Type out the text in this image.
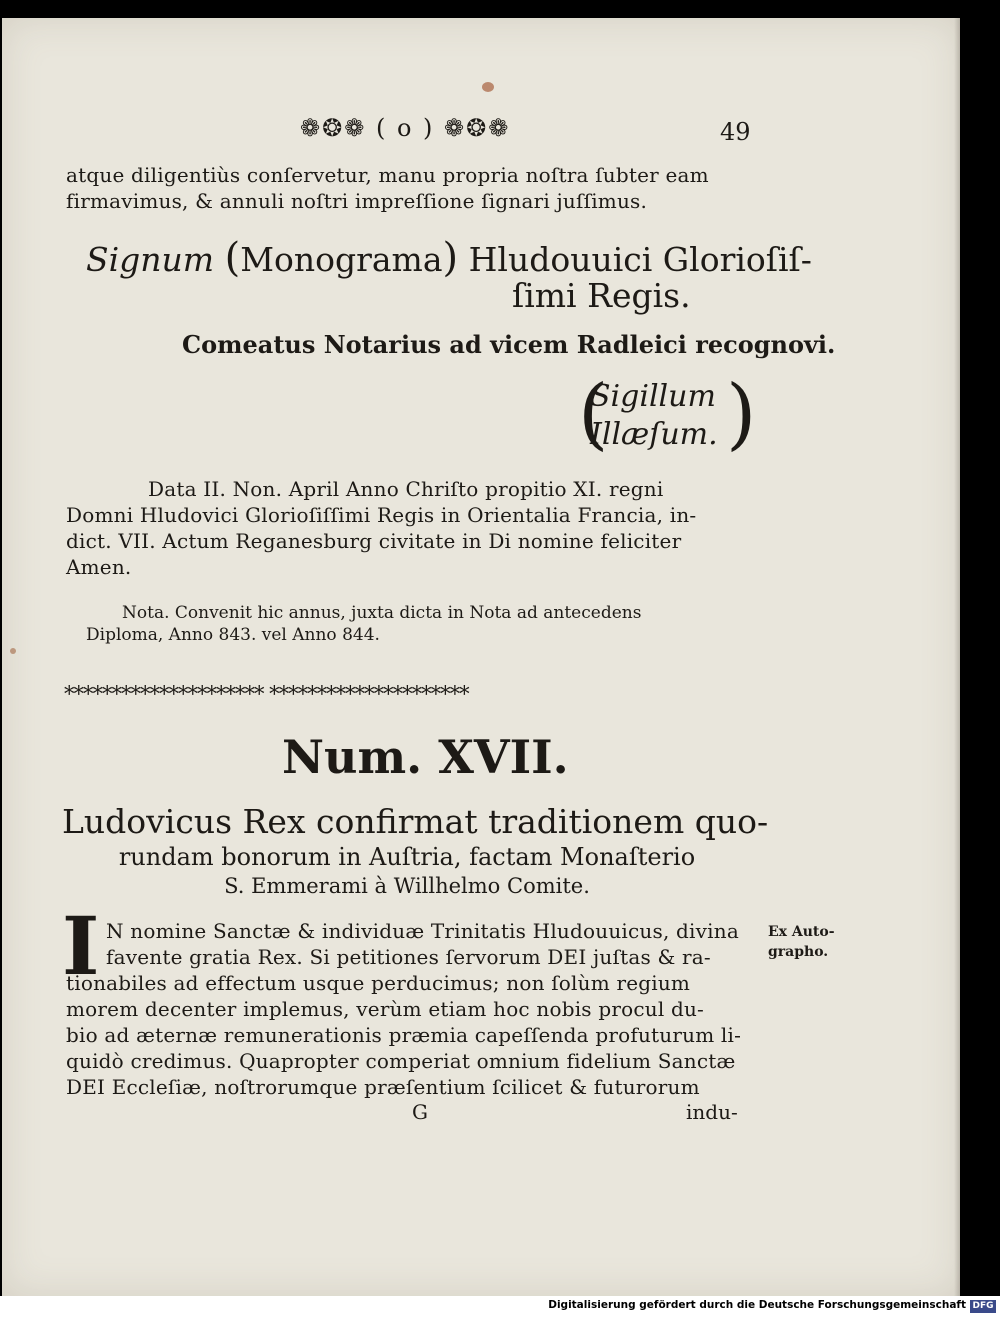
❁❂❁ ( o ) ❁❂❁	49
atque diligentiùs conſervetur, manu propria noſtra ſubter eam
firmavimus, & annuli noſtri impreſſione ſignari juſſimus.
Signum (Monograma) Hludouuici Glorioſiſ-
ſimi Regis.
Comeatus Notarius ad vicem Radleici recognovi.
(
Sigillum
Illæſum. )
Data II. Non. April Anno Chriſto propitio XI. regni
Domni Hludovici Glorioſiſſimi Regis in Orientalia Francia, in-
dict. VII. Actum Reganesburg civitate in Di nomine feliciter
Amen.
Nota. Convenit hic annus, juxta dicta in Nota ad antecedens
Diploma, Anno 843. vel Anno 844.
********************* *********************
Num. XVII.
Ludovicus Rex confirmat traditionem quo-
rundam bonorum in Auſtria, factam Monaſterio
S. Emmerami à Willhelmo Comite.
I N nomine Sanctæ & individuæ Trinitatis Hludouuicus, divina
favente gratia Rex. Si petitiones ſervorum DEI juſtas & ra-
tionabiles ad effectum usque perducimus; non ſolùm regium
morem decenter implemus, verùm etiam hoc nobis procul du-
bio ad æternæ remunerationis præmia capeſſenda profuturum li-
quidò credimus. Quapropter comperiat omnium fidelium Sanctæ
DEI Eccleſiæ, noſtrorumque præſentium ſcilicet & futurorum
Ex Auto-
grapho.
G	indu-
Digitalisierung gefördert durch die Deutsche Forschungsgemeinschaft DFG
